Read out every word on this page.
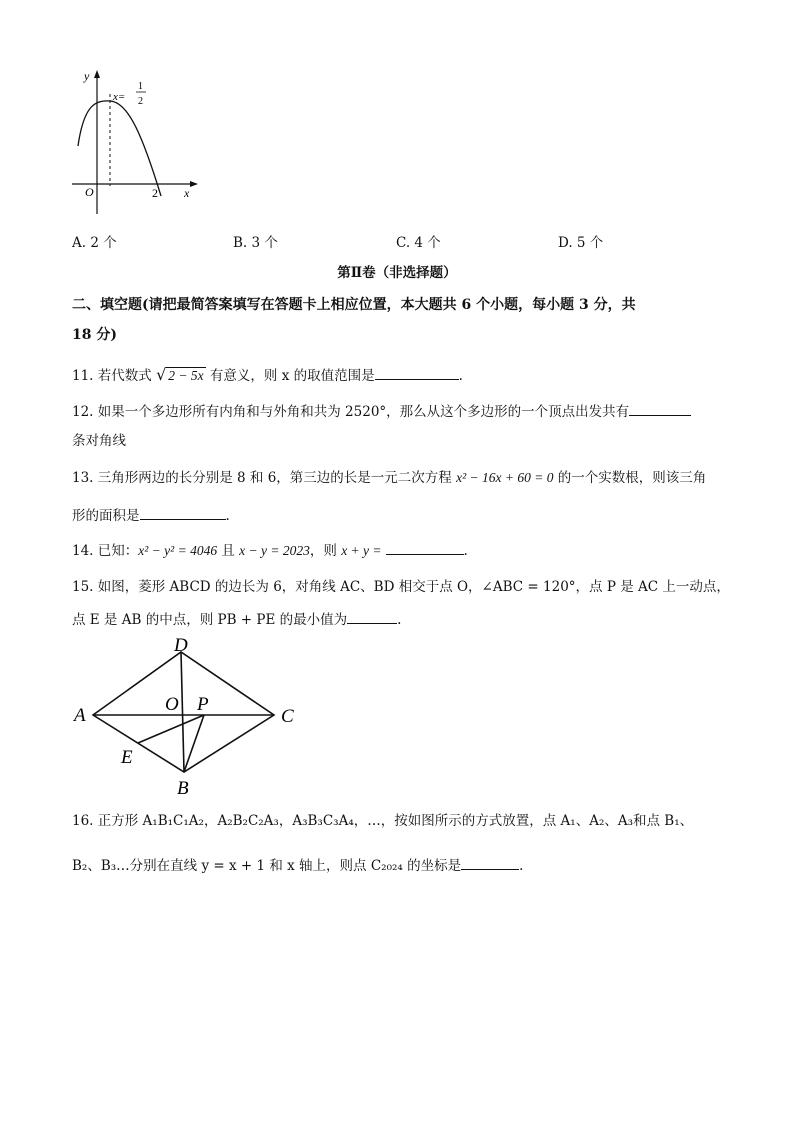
y
x
O	2
x=
1
2
A. 2 个	B. 3 个	C. 4 个	D. 5 个
第Ⅱ卷（非选择题）
二、填空题(请把最简答案填写在答题卡上相应位置，本大题共 6 个小题，每小题 3 分，共
18 分)
11. 若代数式 √ 2 − 5x 有意义，则 x 的取值范围是	.
12. 如果一个多边形所有内角和与外角和共为 2520°，那么从这个多边形的一个顶点出发共有
条对角线
13. 三角形两边的长分别是 8 和 6，第三边的长是一元二次方程 x² − 16x + 60 = 0 的一个实数根，则该三角
形的面积是	.
14. 已知：x² − y² = 4046 且 x − y = 2023，则 x + y =	.
15. 如图，菱形 ABCD 的边长为 6，对角线 AC、BD 相交于点 O，∠ABC = 120°，点 P 是 AC 上一动点，
点 E 是 AB 的中点，则 PB + PE 的最小值为	.
A
D
C
B
E
O P
16. 正方形 A₁B₁C₁A₂，A₂B₂C₂A₃，A₃B₃C₃A₄，…，按如图所示的方式放置，点 A₁、A₂、A₃和点 B₁、
B₂、B₃…分别在直线 y = x + 1 和 x 轴上，则点 C₂₀₂₄ 的坐标是	.
